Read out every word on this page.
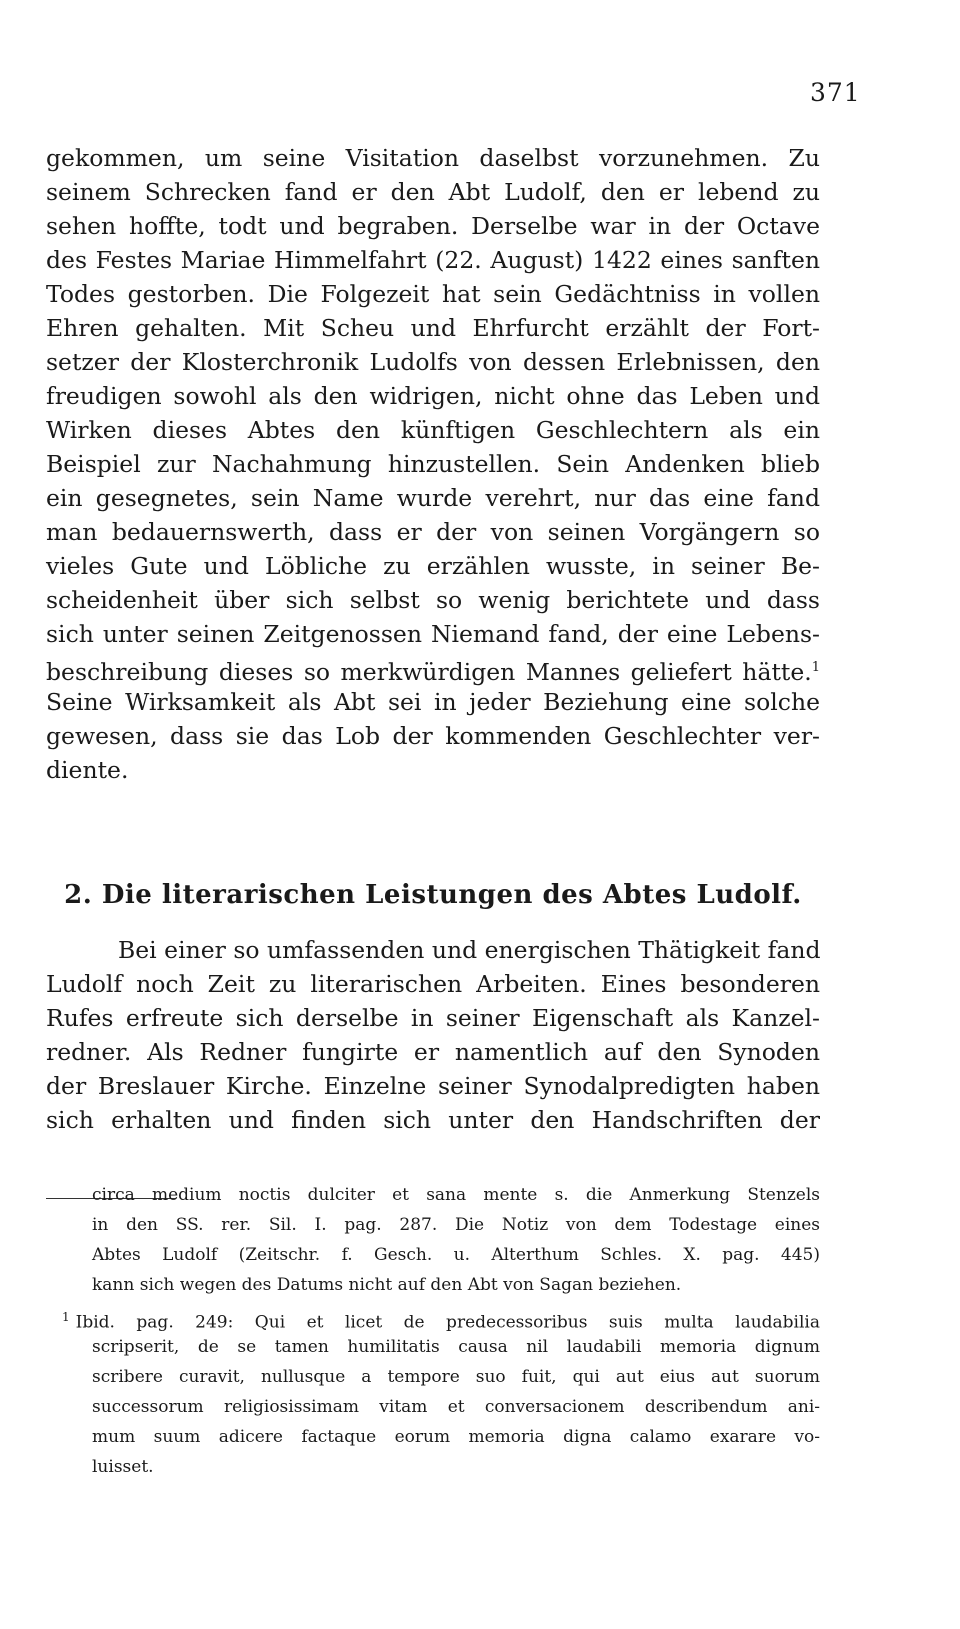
371
gekommen, um seine Visitation daselbst vorzunehmen. Zu
seinem Schrecken fand er den Abt Ludolf, den er lebend zu
sehen hoffte, todt und begraben. Derselbe war in der Octave
des Festes Mariae Himmelfahrt (22. August) 1422 eines sanften
Todes gestorben. Die Folgezeit hat sein Gedächtniss in vollen
Ehren gehalten. Mit Scheu und Ehrfurcht erzählt der Fort-
setzer der Klosterchronik Ludolfs von dessen Erlebnissen, den
freudigen sowohl als den widrigen, nicht ohne das Leben und
Wirken dieses Abtes den künftigen Geschlechtern als ein
Beispiel zur Nachahmung hinzustellen. Sein Andenken blieb
ein gesegnetes, sein Name wurde verehrt, nur das eine fand
man bedauernswerth, dass er der von seinen Vorgängern so
vieles Gute und Löbliche zu erzählen wusste, in seiner Be-
scheidenheit über sich selbst so wenig berichtete und dass
sich unter seinen Zeitgenossen Niemand fand, der eine Lebens-
beschreibung dieses so merkwürdigen Mannes geliefert hätte.$^1$
Seine Wirksamkeit als Abt sei in jeder Beziehung eine solche
gewesen, dass sie das Lob der kommenden Geschlechter ver-
diente.
2. Die literarischen Leistungen des Abtes Ludolf.
Bei einer so umfassenden und energischen Thätigkeit fand
Ludolf noch Zeit zu literarischen Arbeiten. Eines besonderen
Rufes erfreute sich derselbe in seiner Eigenschaft als Kanzel-
redner. Als Redner fungirte er namentlich auf den Synoden
der Breslauer Kirche. Einzelne seiner Synodalpredigten haben
sich erhalten und finden sich unter den Handschriften der
circa medium noctis dulciter et sana mente s. die Anmerkung Stenzels
in den SS. rer. Sil. I. pag. 287. Die Notiz von dem Todestage eines
Abtes Ludolf (Zeitschr. f. Gesch. u. Alterthum Schles. X. pag. 445)
kann sich wegen des Datums nicht auf den Abt von Sagan beziehen.
$^1$ Ibid. pag. 249: Qui et licet de predecessoribus suis multa laudabilia
scripserit, de se tamen humilitatis causa nil laudabili memoria dignum
scribere curavit, nullusque a tempore suo fuit, qui aut eius aut suorum
successorum religiosissimam vitam et conversacionem describendum ani-
mum suum adicere factaque eorum memoria digna calamo exarare vo-
luisset.
